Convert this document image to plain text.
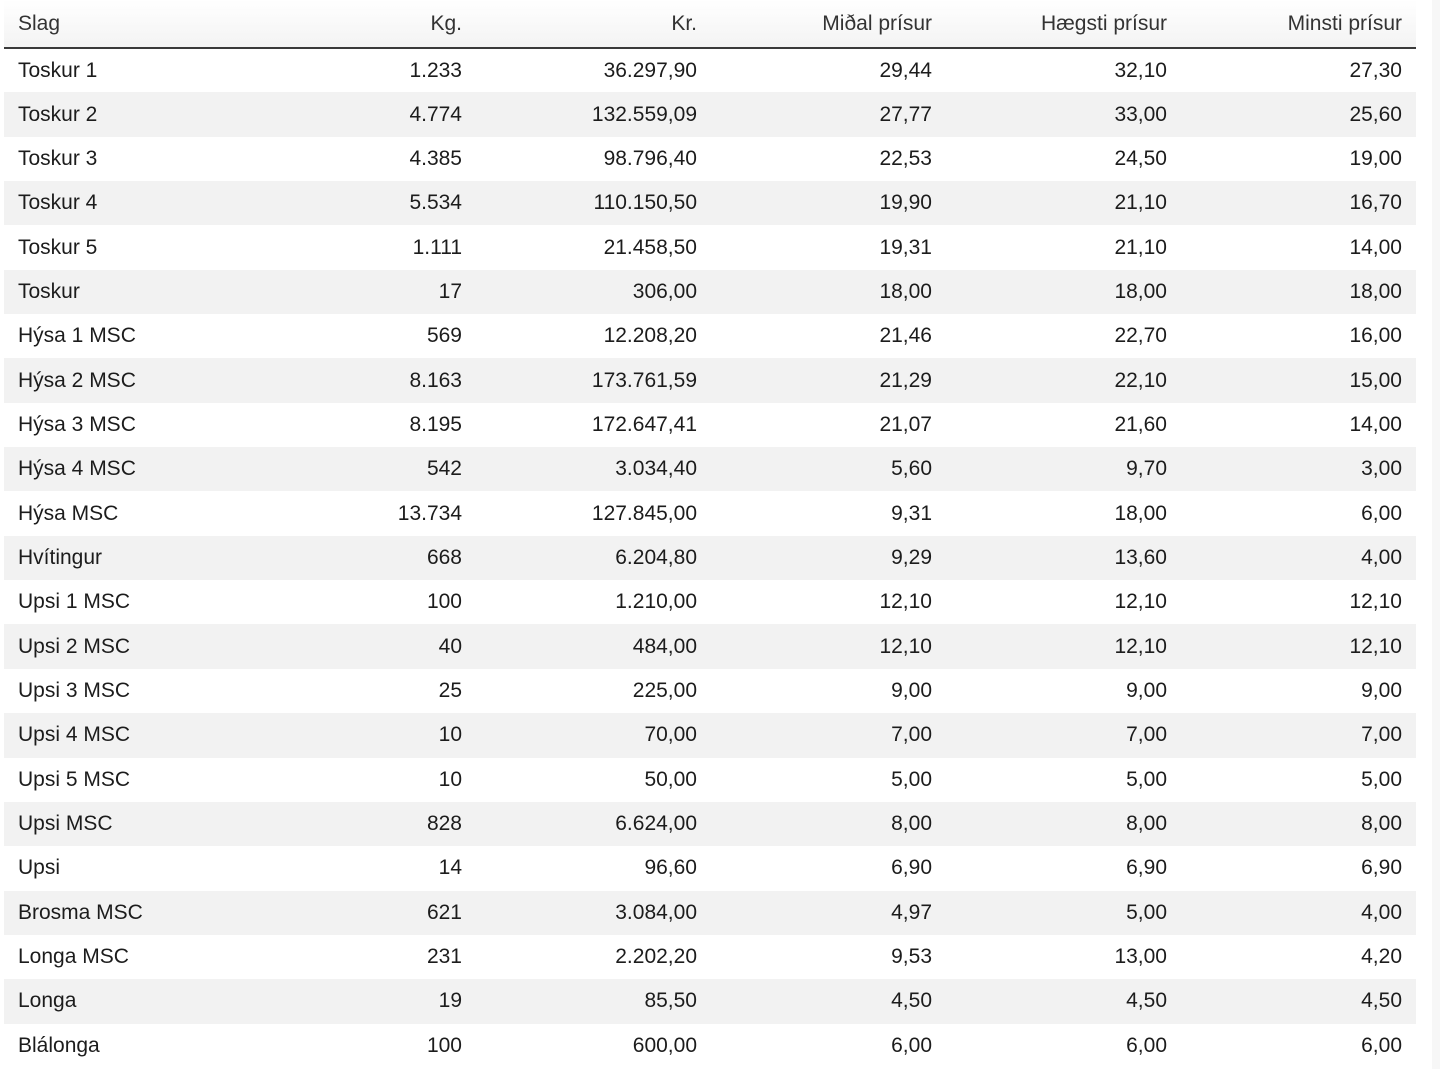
	Slag	Kg.	Kr.	Miðal prísur	Hægsti prísur	Minsti prísur	
	Toskur 1	1.233	36.297,90	29,44	32,10	27,30	
	Toskur 2	4.774	132.559,09	27,77	33,00	25,60	
	Toskur 3	4.385	98.796,40	22,53	24,50	19,00	
	Toskur 4	5.534	110.150,50	19,90	21,10	16,70	
	Toskur 5	1.111	21.458,50	19,31	21,10	14,00	
	Toskur	17	306,00	18,00	18,00	18,00	
	Hýsa 1 MSC	569	12.208,20	21,46	22,70	16,00	
	Hýsa 2 MSC	8.163	173.761,59	21,29	22,10	15,00	
	Hýsa 3 MSC	8.195	172.647,41	21,07	21,60	14,00	
	Hýsa 4 MSC	542	3.034,40	5,60	9,70	3,00	
	Hýsa MSC	13.734	127.845,00	9,31	18,00	6,00	
	Hvítingur	668	6.204,80	9,29	13,60	4,00	
	Upsi 1 MSC	100	1.210,00	12,10	12,10	12,10	
	Upsi 2 MSC	40	484,00	12,10	12,10	12,10	
	Upsi 3 MSC	25	225,00	9,00	9,00	9,00	
	Upsi 4 MSC	10	70,00	7,00	7,00	7,00	
	Upsi 5 MSC	10	50,00	5,00	5,00	5,00	
	Upsi MSC	828	6.624,00	8,00	8,00	8,00	
	Upsi	14	96,60	6,90	6,90	6,90	
	Brosma MSC	621	3.084,00	4,97	5,00	4,00	
	Longa MSC	231	2.202,20	9,53	13,00	4,20	
	Longa	19	85,50	4,50	4,50	4,50	
	Blálonga	100	600,00	6,00	6,00	6,00	
